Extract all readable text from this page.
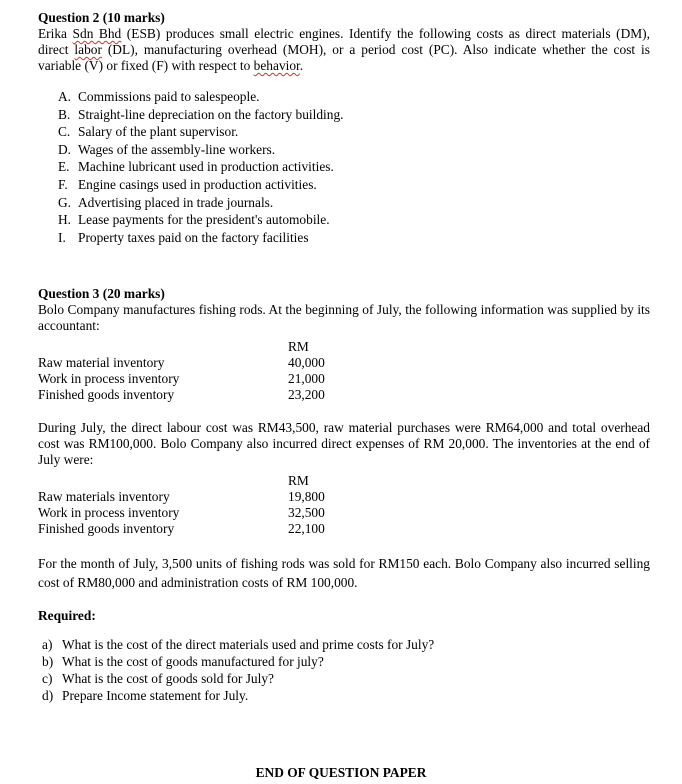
Question 2 (10 marks)

Erika Sdn Bhd (ESB) produces small electric engines. Identify the following costs as direct materials (DM), direct labor (DL), manufacturing overhead (MOH), or a period cost (PC). Also indicate whether the cost is variable (V) or fixed (F) with respect to behavior.

A. Commissions paid to salespeople.
B. Straight-line depreciation on the factory building.
C. Salary of the plant supervisor.
D. Wages of the assembly-line workers.
E. Machine lubricant used in production activities.
F. Engine casings used in production activities.
G. Advertising placed in trade journals.
H. Lease payments for the president's automobile.
I. Property taxes paid on the factory facilities

Question 3 (20 marks)

Bolo Company manufactures fishing rods. At the beginning of July, the following information was supplied by its accountant:

	RM
Raw material inventory	40,000
Work in process inventory	21,000
Finished goods inventory	23,200

During July, the direct labour cost was RM43,500, raw material purchases were RM64,000 and total overhead cost was RM100,000. Bolo Company also incurred direct expenses of RM 20,000. The inventories at the end of July were:

	RM
Raw materials inventory	19,800
Work in process inventory	32,500
Finished goods inventory	22,100

For the month of July, 3,500 units of fishing rods was sold for RM150 each. Bolo Company also incurred selling cost of RM80,000 and administration costs of RM 100,000.

Required:

a) What is the cost of the direct materials used and prime costs for July?
b) What is the cost of goods manufactured for july?
c) What is the cost of goods sold for July?
d) Prepare Income statement for July.

END OF QUESTION PAPER
